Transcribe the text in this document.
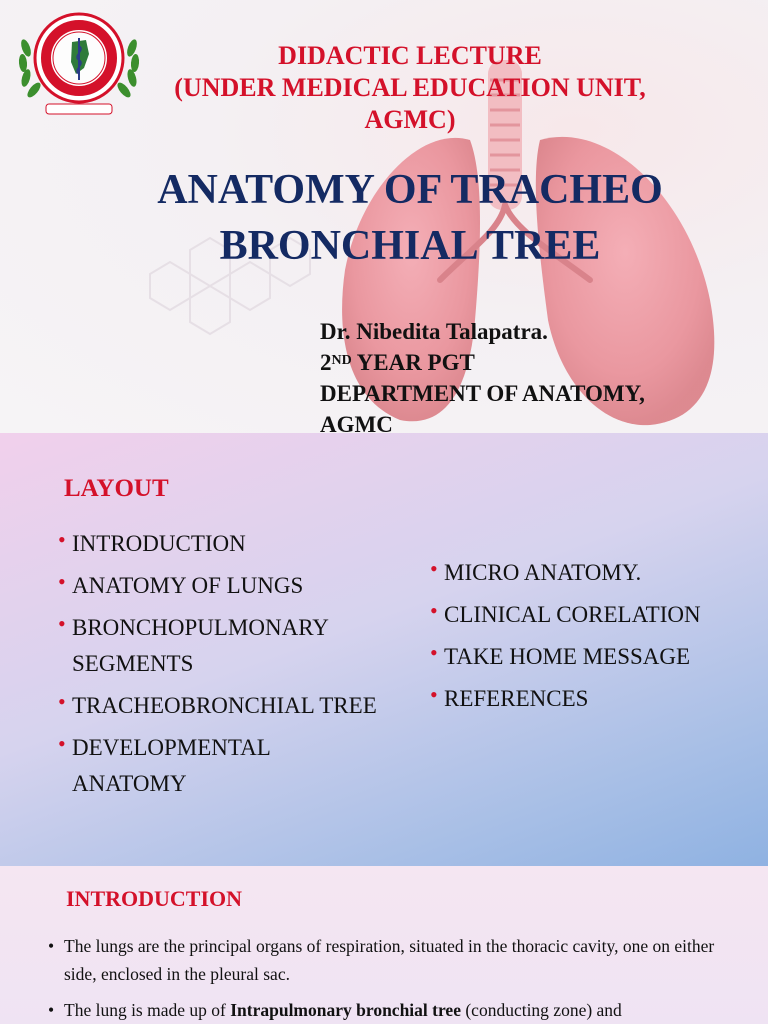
DIDACTIC LECTURE
(UNDER MEDICAL EDUCATION UNIT,
AGMC)
ANATOMY OF TRACHEO
BRONCHIAL TREE
Dr. Nibedita Talapatra.
2ND YEAR PGT
DEPARTMENT OF ANATOMY,
AGMC
LAYOUT
• INTRODUCTION
• ANATOMY OF LUNGS
• BRONCHOPULMONARY SEGMENTS
• TRACHEOBRONCHIAL TREE
• DEVELOPMENTAL ANATOMY
• MICRO ANATOMY.
• CLINICAL CORELATION
• TAKE HOME MESSAGE
• REFERENCES
INTRODUCTION
• The lungs are the principal organs of respiration, situated in the thoracic cavity, one on either side, enclosed in the pleural sac.
• The lung is made up of Intrapulmonary bronchial tree (conducting zone) and
